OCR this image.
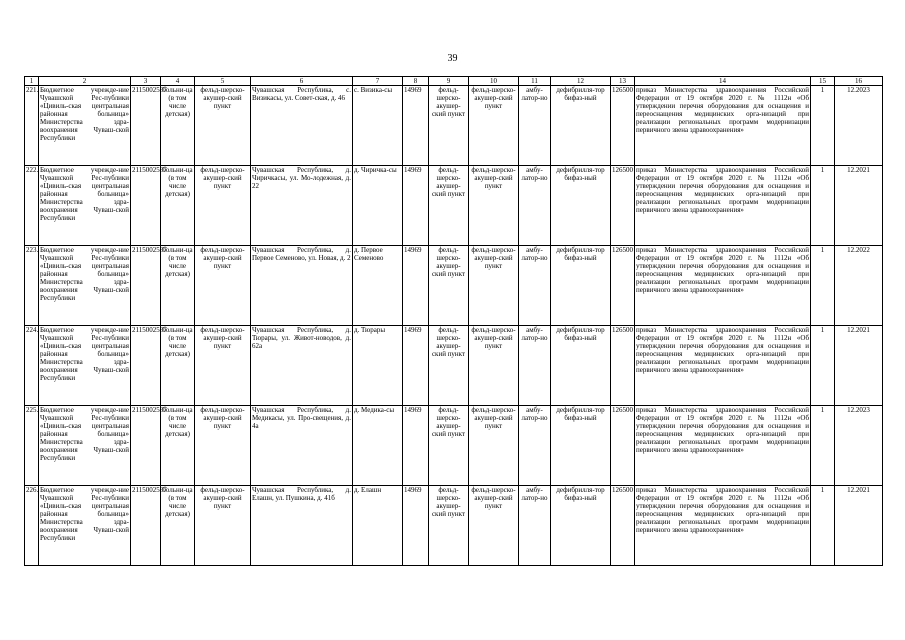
39
1	2	3	4	5	6	7	8	9	10	11	12	13	14	15	16
221.	Бюджетное учрежде-ние Чувашской Рес-публики «Цивиль-ская центральная районная больница» Министерства здра-воохранения Чуваш-ской Республики	2115002537	больни-ца (в том числе детская)	фельд-шерско-акушер-ский пункт	Чувашская Республика, с. Визикасы, ул. Совет-ская, д. 46	с. Визика-сы	14969	фельд-шерско-акушер-ский пункт	фельд-шерско-акушер-ский пункт	амбу-латор-но	дефибрилля-тор бифаз-ный	126500	приказ Министерства здравоохранения Российской Федерации от 19 октября 2020 г. № 1112н «Об утверждении перечня оборудования для оснащения и переоснащения медицинских орга-низаций при реализации региональных программ модернизации первичного звена здравоохранения»	1	12.2023
222.	Бюджетное учрежде-ние Чувашской Рес-публики «Цивиль-ская центральная районная больница» Министерства здра-воохранения Чуваш-ской Республики	2115002537	больни-ца (в том числе детская)	фельд-шерско-акушер-ский пункт	Чувашская Республика, д. Чиричкасы, ул. Мо-лодежная, д. 22	д. Чиричка-сы	14969	фельд-шерско-акушер-ский пункт	фельд-шерско-акушер-ский пункт	амбу-латор-но	дефибрилля-тор бифаз-ный	126500	приказ Министерства здравоохранения Российской Федерации от 19 октября 2020 г. № 1112н «Об утверждении перечня оборудования для оснащения и переоснащения медицинских орга-низаций при реализации региональных программ модернизации первичного звена здравоохранения»	1	12.2021
223.	Бюджетное учрежде-ние Чувашской Рес-публики «Цивиль-ская центральная районная больница» Министерства здра-воохранения Чуваш-ской Республики	2115002537	больни-ца (в том числе детская)	фельд-шерско-акушер-ский пункт	Чувашская Республика, д. Первое Семеново, ул. Новая, д. 2	д. Первое Семеново	14969	фельд-шерско-акушер-ский пункт	фельд-шерско-акушер-ский пункт	амбу-латор-но	дефибрилля-тор бифаз-ный	126500	приказ Министерства здравоохранения Российской Федерации от 19 октября 2020 г. № 1112н «Об утверждении перечня оборудования для оснащения и переоснащения медицинских орга-низаций при реализации региональных программ модернизации первичного звена здравоохранения»	1	12.2022
224.	Бюджетное учрежде-ние Чувашской Рес-публики «Цивиль-ская центральная районная больница» Министерства здра-воохранения Чуваш-ской Республики	2115002537	больни-ца (в том числе детская)	фельд-шерско-акушер-ский пункт	Чувашская Республика, д. Тюрары, ул. Живот-новодов, д. 62а	д. Тюрары	14969	фельд-шерско-акушер-ский пункт	фельд-шерско-акушер-ский пункт	амбу-латор-но	дефибрилля-тор бифаз-ный	126500	приказ Министерства здравоохранения Российской Федерации от 19 октября 2020 г. № 1112н «Об утверждении перечня оборудования для оснащения и переоснащения медицинских орга-низаций при реализации региональных программ модернизации первичного звена здравоохранения»	1	12.2021
225.	Бюджетное учрежде-ние Чувашской Рес-публики «Цивиль-ская центральная районная больница» Министерства здра-воохранения Чуваш-ской Республики	2115002537	больни-ца (в том числе детская)	фельд-шерско-акушер-ский пункт	Чувашская Республика, д. Медикасы, ул. Про-свещения, д. 4а	д. Медика-сы	14969	фельд-шерско-акушер-ский пункт	фельд-шерско-акушер-ский пункт	амбу-латор-но	дефибрилля-тор бифаз-ный	126500	приказ Министерства здравоохранения Российской Федерации от 19 октября 2020 г. № 1112н «Об утверждении перечня оборудования для оснащения и переоснащения медицинских орга-низаций при реализации региональных программ модернизации первичного звена здравоохранения»	1	12.2023
226.	Бюджетное учрежде-ние Чувашской Рес-публики «Цивиль-ская центральная районная больница» Министерства здра-воохранения Чуваш-ской Республики	2115002537	больни-ца (в том числе детская)	фельд-шерско-акушер-ский пункт	Чувашская Республика, д. Елашн, ул. Пушкина, д. 41б	д. Елашн	14969	фельд-шерско-акушер-ский пункт	фельд-шерско-акушер-ский пункт	амбу-латор-но	дефибрилля-тор бифаз-ный	126500	приказ Министерства здравоохранения Российской Федерации от 19 октября 2020 г. № 1112н «Об утверждении перечня оборудования для оснащения и переоснащения медицинских орга-низаций при реализации региональных программ модернизации первичного звена здравоохранения»	1	12.2021
